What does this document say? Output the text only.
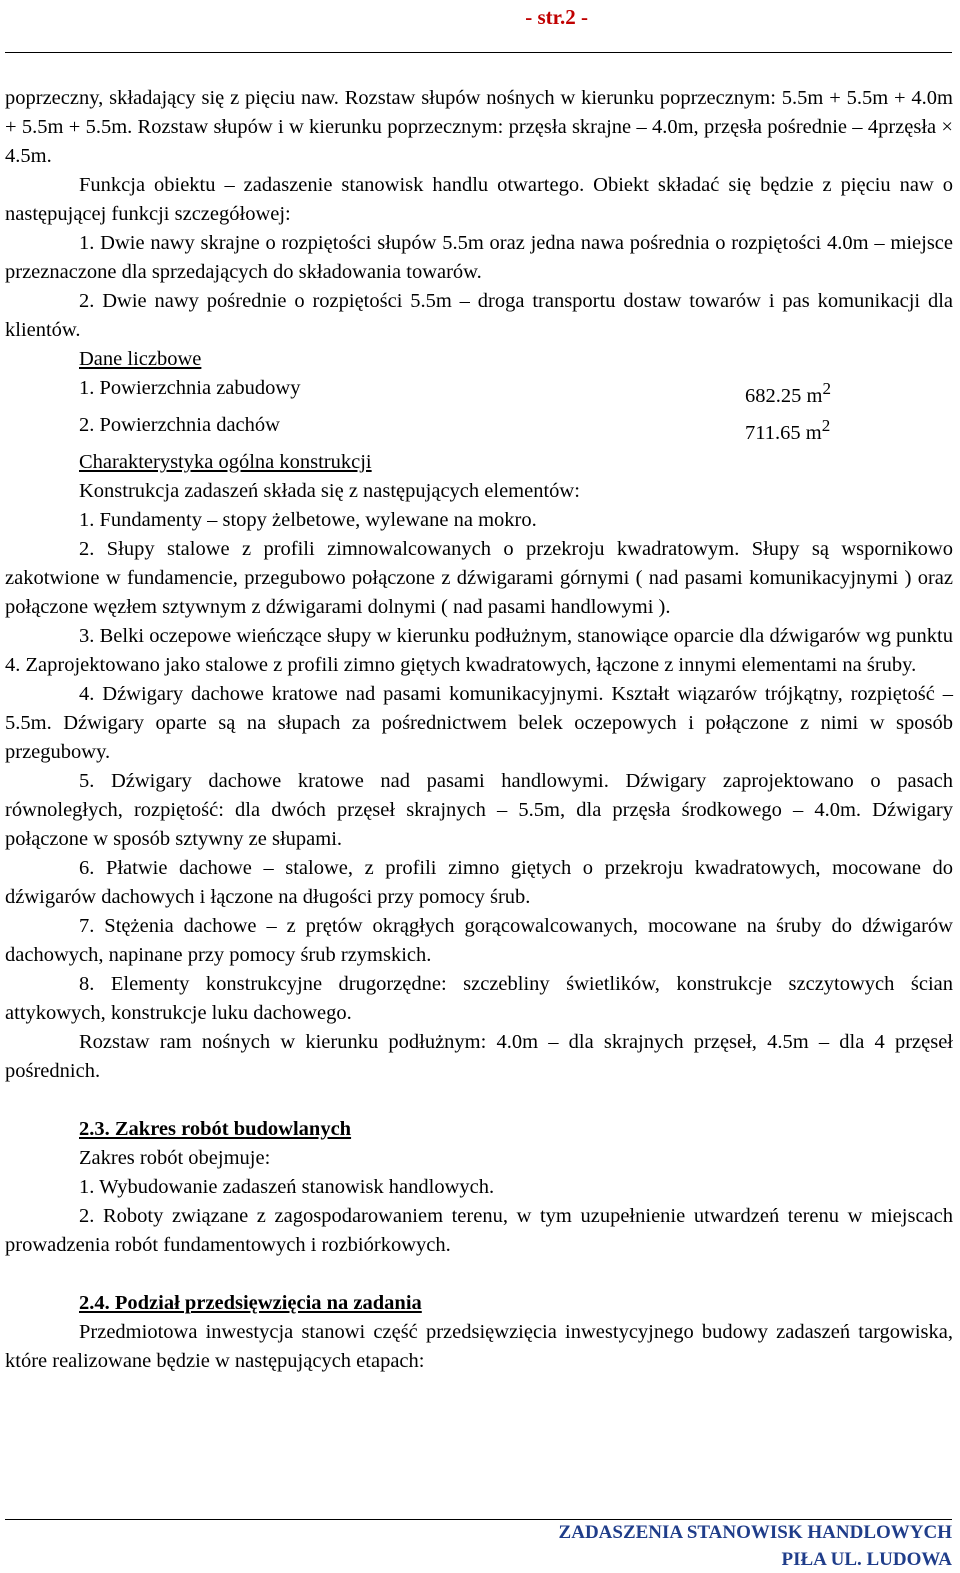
- str.2 -

poprzeczny, składający się z pięciu naw. Rozstaw słupów nośnych w kierunku poprzecznym: 5.5m + 5.5m + 4.0m + 5.5m + 5.5m. Rozstaw słupów i w kierunku poprzecznym: przęsła skrajne – 4.0m, przęsła pośrednie – 4przęsła × 4.5m.

Funkcja obiektu – zadaszenie stanowisk handlu otwartego. Obiekt składać się będzie z pięciu naw o następującej funkcji szczegółowej:

1. Dwie nawy skrajne o rozpiętości słupów 5.5m oraz jedna nawa pośrednia o rozpiętości 4.0m – miejsce przeznaczone dla sprzedających do składowania towarów.

2. Dwie nawy pośrednie o rozpiętości 5.5m – droga transportu dostaw towarów i pas komunikacji dla klientów.

Dane liczbowe

1. Powierzchnia zabudowy	682.25 $m^2$
2. Powierzchnia dachów	711.65 $m^2$

Charakterystyka ogólna konstrukcji

Konstrukcja zadaszeń składa się z następujących elementów:

1. Fundamenty – stopy żelbetowe, wylewane na mokro.

2. Słupy stalowe z profili zimnowalcowanych o przekroju kwadratowym. Słupy są wspornikowo zakotwione w fundamencie, przegubowo połączone z dźwigarami górnymi ( nad pasami komunikacyjnymi ) oraz połączone węzłem sztywnym z dźwigarami dolnymi ( nad pasami handlowymi ).

3. Belki oczepowe wieńczące słupy w kierunku podłużnym, stanowiące oparcie dla dźwigarów wg punktu 4. Zaprojektowano jako stalowe z profili zimno giętych kwadratowych, łączone z innymi elementami na śruby.

4. Dźwigary dachowe kratowe nad pasami komunikacyjnymi. Kształt wiązarów trójkątny, rozpiętość – 5.5m. Dźwigary oparte są na słupach za pośrednictwem belek oczepowych i połączone z nimi w sposób przegubowy.

5. Dźwigary dachowe kratowe nad pasami handlowymi. Dźwigary zaprojektowano o pasach równoległych, rozpiętość: dla dwóch przęseł skrajnych – 5.5m, dla przęsła środkowego – 4.0m. Dźwigary połączone w sposób sztywny ze słupami.

6. Płatwie dachowe – stalowe, z profili zimno giętych o przekroju kwadratowych, mocowane do dźwigarów dachowych i łączone na długości przy pomocy śrub.

7. Stężenia dachowe – z prętów okrągłych gorącowalcowanych, mocowane na śruby do dźwigarów dachowych, napinane przy pomocy śrub rzymskich.

8. Elementy konstrukcyjne drugorzędne: szczebliny świetlików, konstrukcje szczytowych ścian attykowych, konstrukcje luku dachowego.

Rozstaw ram nośnych w kierunku podłużnym: 4.0m – dla skrajnych przęseł, 4.5m – dla 4 przęseł pośrednich.

2.3. Zakres robót budowlanych

Zakres robót obejmuje:

1. Wybudowanie zadaszeń stanowisk handlowych.

2. Roboty związane z zagospodarowaniem terenu, w tym uzupełnienie utwardzeń terenu w miejscach prowadzenia robót fundamentowych i rozbiórkowych.

2.4. Podział przedsięwzięcia na zadania

Przedmiotowa inwestycja stanowi część przedsięwzięcia inwestycyjnego budowy zadaszeń targowiska, które realizowane będzie w następujących etapach:

ZADASZENIA STANOWISK HANDLOWYCH
PIŁA UL. LUDOWA
